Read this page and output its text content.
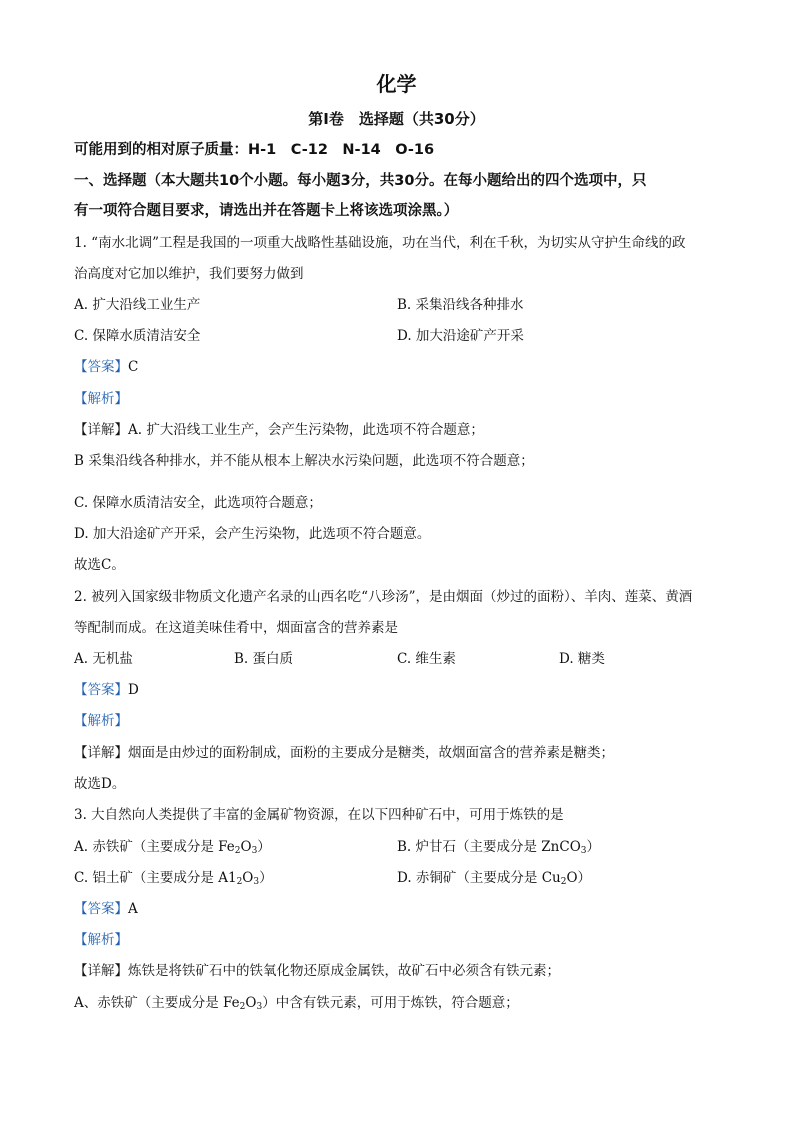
化学
第Ⅰ卷　选择题（共30分）
可能用到的相对原子质量：H-1　C-12　N-14　O-16
一、选择题（本大题共10个小题。每小题3分，共30分。在每小题给出的四个选项中，只
有一项符合题目要求，请选出并在答题卡上将该选项涂黑。）
1. “南水北调”工程是我国的一项重大战略性基础设施，功在当代，利在千秋，为切实从守护生命线的政
治高度对它加以维护，我们要努力做到
A. 扩大沿线工业生产	B. 采集沿线各种排水
C. 保障水质清洁安全	D. 加大沿途矿产开采
【答案】C
【解析】
【详解】A. 扩大沿线工业生产，会产生污染物，此选项不符合题意；
B 采集沿线各种排水，并不能从根本上解决水污染问题，此选项不符合题意；
C. 保障水质清洁安全，此选项符合题意；
D. 加大沿途矿产开采，会产生污染物，此选项不符合题意。
故选C。
2. 被列入国家级非物质文化遗产名录的山西名吃“八珍汤”，是由烟面（炒过的面粉）、羊肉、莲菜、黄酒
等配制而成。在这道美味佳肴中，烟面富含的营养素是
A. 无机盐	B. 蛋白质	C. 维生素	D. 糖类
【答案】D
【解析】
【详解】烟面是由炒过的面粉制成，面粉的主要成分是糖类，故烟面富含的营养素是糖类；
故选D。
3. 大自然向人类提供了丰富的金属矿物资源，在以下四种矿石中，可用于炼铁的是
A. 赤铁矿（主要成分是 $Fe_2O_3$）	B. 炉甘石（主要成分是 ZnCO$_3$）
C. 铝土矿（主要成分是 $A1_2O_3$）	D. 赤铜矿（主要成分是 $Cu_2O$）
【答案】A
【解析】
【详解】炼铁是将铁矿石中的铁氧化物还原成金属铁，故矿石中必须含有铁元素；
A、赤铁矿（主要成分是 $Fe_2O_3$）中含有铁元素，可用于炼铁，符合题意；
